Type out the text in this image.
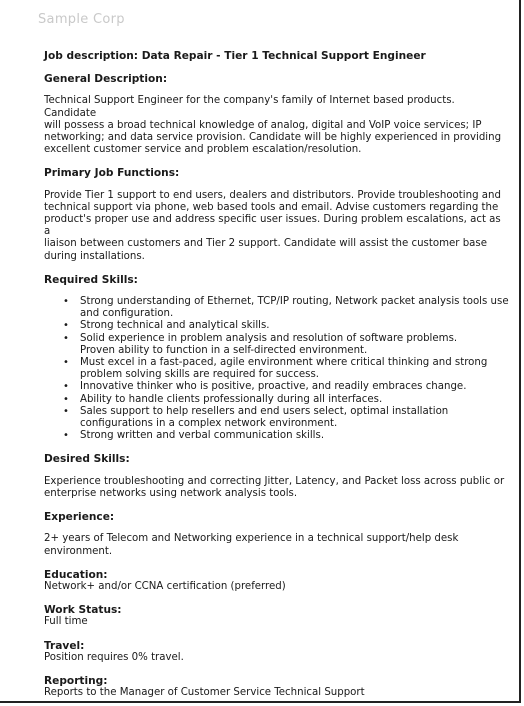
Sample Corp

Job description: Data Repair - Tier 1 Technical Support Engineer

General Description:

Technical Support Engineer for the company's family of Internet based products. Candidate
will possess a broad technical knowledge of analog, digital and VoIP voice services; IP
networking; and data service provision. Candidate will be highly experienced in providing
excellent customer service and problem escalation/resolution.

Primary Job Functions:

Provide Tier 1 support to end users, dealers and distributors. Provide troubleshooting and
technical support via phone, web based tools and email. Advise customers regarding the
product's proper use and address specific user issues. During problem escalations, act as a
liaison between customers and Tier 2 support. Candidate will assist the customer base
during installations.

Required Skills:

• Strong understanding of Ethernet, TCP/IP routing, Network packet analysis tools use
and configuration.
• Strong technical and analytical skills.
• Solid experience in problem analysis and resolution of software problems.
Proven ability to function in a self-directed environment.
• Must excel in a fast-paced, agile environment where critical thinking and strong
problem solving skills are required for success.
• Innovative thinker who is positive, proactive, and readily embraces change.
• Ability to handle clients professionally during all interfaces.
• Sales support to help resellers and end users select, optimal installation
configurations in a complex network environment.
• Strong written and verbal communication skills.

Desired Skills:

Experience troubleshooting and correcting Jitter, Latency, and Packet loss across public or
enterprise networks using network analysis tools.

Experience:

2+ years of Telecom and Networking experience in a technical support/help desk
environment.

Education:

Network+ and/or CCNA certification (preferred)

Work Status:

Full time

Travel:

Position requires 0% travel.

Reporting:

Reports to the Manager of Customer Service Technical Support
